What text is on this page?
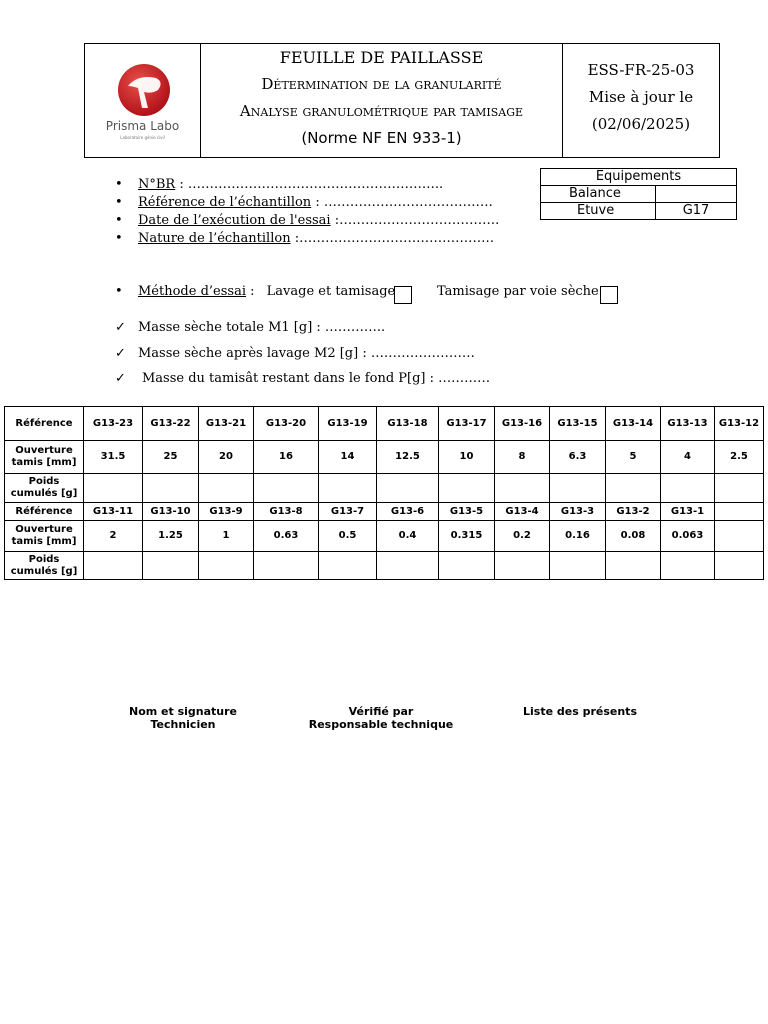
Prisma Labo
Laboratoire génie civil
FEUILLE DE PAILLASSE
Détermination de la granularité
Analyse granulométrique par tamisage
(Norme NF EN 933-1)
ESS-FR-25-03
Mise à jour le
(02/06/2025)
Equipements	
Balance	
Etuve	G17
• N°BR : …………………………………………………..
• Référence de l’échantillon : …………………………………
• Date de l’exécution de l'essai :……………………………….
• Nature de l’échantillon :………………………………………
• Méthode d’essai : Lavage et tamisage	Tamisage par voie sèche
✓ Masse sèche totale M1 [g] : …………..
✓ Masse sèche après lavage M2 [g] : ……………………
✓ Masse du tamisât restant dans le fond P[g] : …………
Référence	G13-23	G13-22	G13-21	G13-20	G13-19	G13-18	G13-17	G13-16	G13-15	G13-14	G13-13	G13-12
Ouverture tamis [mm]	31.5	25	20	16	14	12.5	10	8	6.3	5	4	2.5
Poids cumulés [g]												
Référence	G13-11	G13-10	G13-9	G13-8	G13-7	G13-6	G13-5	G13-4	G13-3	G13-2	G13-1	
Ouverture tamis [mm]	2	1.25	1	0.63	0.5	0.4	0.315	0.2	0.16	0.08	0.063	
Poids cumulés [g]												
Nom et signature
Technicien
Vérifié par
Responsable technique
Liste des présents
